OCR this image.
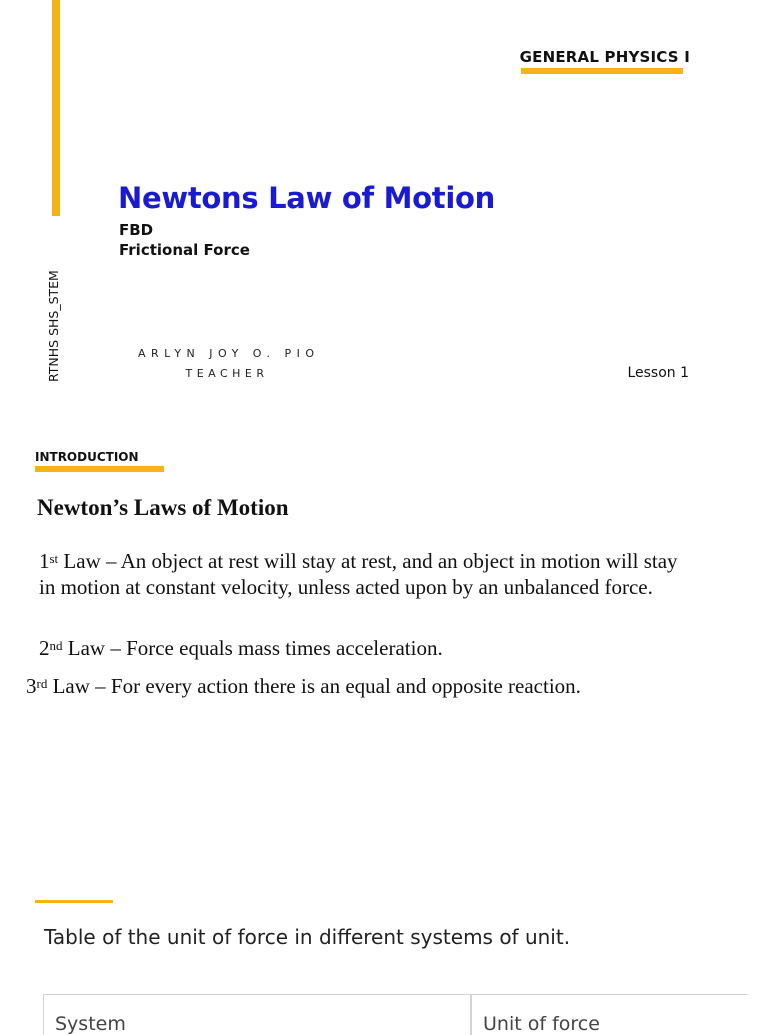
RTNHS SHS_STEM
GENERAL PHYSICS I
Newtons Law of Motion
FBD
Frictional Force
ARLYN JOY O. PIO
TEACHER	Lesson 1
INTRODUCTION
Newton’s Laws of Motion
1st Law – An object at rest will stay at rest, and an object in motion will stay in motion at constant velocity, unless acted upon by an unbalanced force.
2nd Law – Force equals mass times acceleration.
3rd Law – For every action there is an equal and opposite reaction.
Table of the unit of force in different systems of unit.
System	Unit of force
